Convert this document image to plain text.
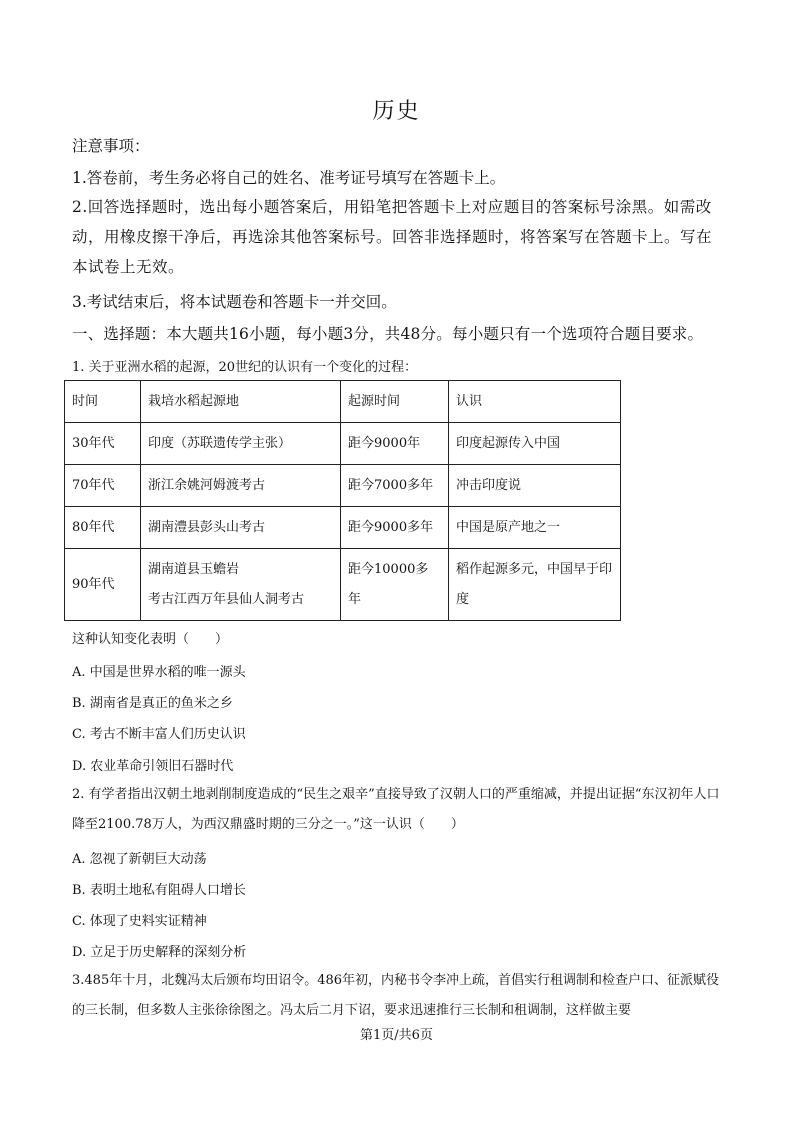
历史
注意事项：
1.答卷前，考生务必将自己的姓名、准考证号填写在答题卡上。
2.回答选择题时，选出每小题答案后，用铅笔把答题卡上对应题目的答案标号涂黑。如需改动，用橡皮擦干净后，再选涂其他答案标号。回答非选择题时，将答案写在答题卡上。写在本试卷上无效。
3.考试结束后，将本试题卷和答题卡一并交回。
一、选择题：本大题共16小题，每小题3分，共48分。每小题只有一个选项符合题目要求。
1. 关于亚洲水稻的起源，20世纪的认识有一个变化的过程：
时间	栽培水稻起源地	起源时间	认识
30年代	印度（苏联遗传学主张）	距今9000年	印度起源传入中国
70年代	浙江余姚河姆渡考古	距今7000多年	冲击印度说
80年代	湖南澧县彭头山考古	距今9000多年	中国是原产地之一
90年代	湖南道县玉蟾岩
考古江西万年县仙人洞考古	距今10000多年	稻作起源多元，中国早于印度
这种认知变化表明（　　）
A. 中国是世界水稻的唯一源头
B. 湖南省是真正的鱼米之乡
C. 考古不断丰富人们历史认识
D. 农业革命引领旧石器时代
2. 有学者指出汉朝土地剥削制度造成的“民生之艰辛”直接导致了汉朝人口的严重缩减，并提出证据“东汉初年人口降至2100.78万人，为西汉鼎盛时期的三分之一。”这一认识（　　）
A. 忽视了新朝巨大动荡
B. 表明土地私有阻碍人口增长
C. 体现了史料实证精神
D. 立足于历史解释的深刻分析
3.485年十月，北魏冯太后颁布均田诏令。486年初，内秘书令李冲上疏，首倡实行租调制和检查户口、征派赋役的三长制，但多数人主张徐徐图之。冯太后二月下诏，要求迅速推行三长制和租调制，这样做主要
第1页/共6页
